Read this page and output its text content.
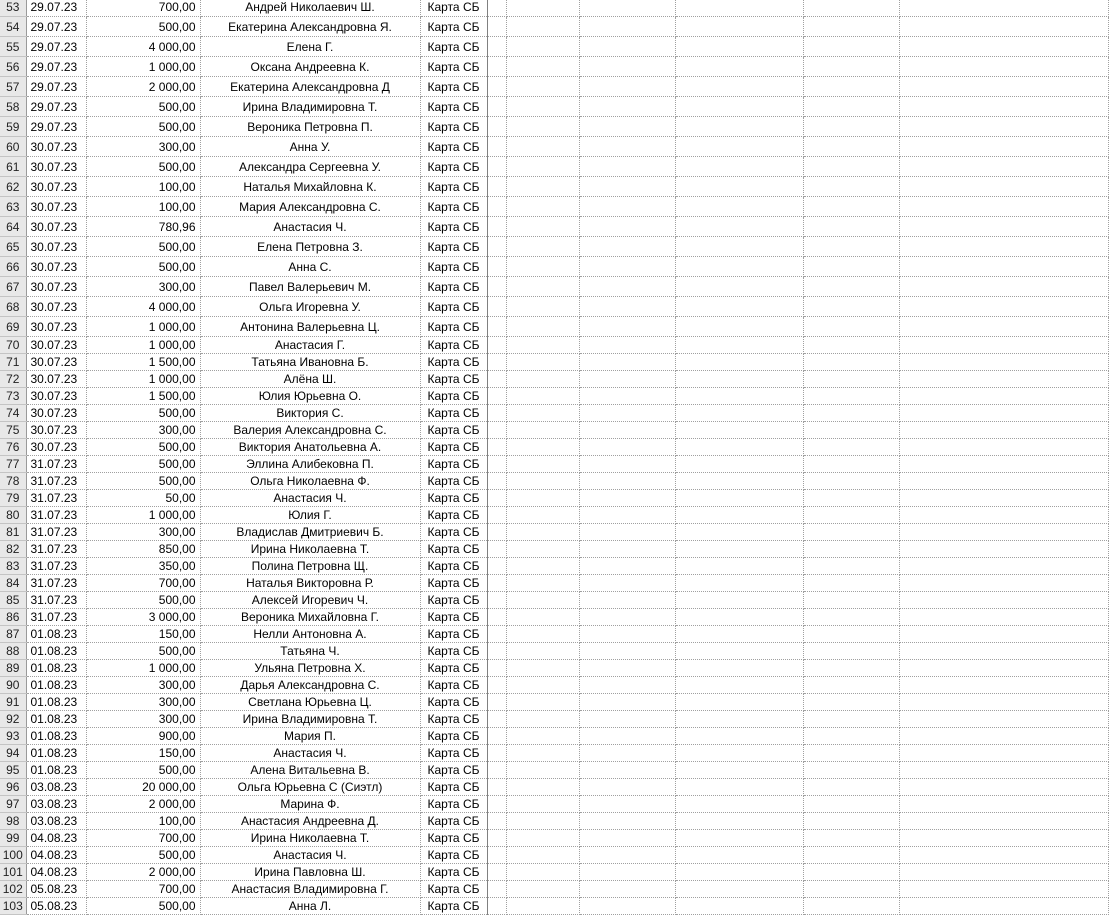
53	29.07.23	700,00	Андрей Николаевич Ш.	Карта СБ						
54	29.07.23	500,00	Екатерина Александровна Я.	Карта СБ						
55	29.07.23	4 000,00	Елена Г.	Карта СБ						
56	29.07.23	1 000,00	Оксана Андреевна К.	Карта СБ						
57	29.07.23	2 000,00	Екатерина Александровна Д	Карта СБ						
58	29.07.23	500,00	Ирина Владимировна Т.	Карта СБ						
59	29.07.23	500,00	Вероника Петровна П.	Карта СБ						
60	30.07.23	300,00	Анна У.	Карта СБ						
61	30.07.23	500,00	Александра Сергеевна У.	Карта СБ						
62	30.07.23	100,00	Наталья Михайловна К.	Карта СБ						
63	30.07.23	100,00	Мария Александровна С.	Карта СБ						
64	30.07.23	780,96	Анастасия Ч.	Карта СБ						
65	30.07.23	500,00	Елена Петровна З.	Карта СБ						
66	30.07.23	500,00	Анна С.	Карта СБ						
67	30.07.23	300,00	Павел Валерьевич М.	Карта СБ						
68	30.07.23	4 000,00	Ольга Игоревна У.	Карта СБ						
69	30.07.23	1 000,00	Антонина Валерьевна Ц.	Карта СБ						
70	30.07.23	1 000,00	Анастасия Г.	Карта СБ						
71	30.07.23	1 500,00	Татьяна Ивановна Б.	Карта СБ						
72	30.07.23	1 000,00	Алёна Ш.	Карта СБ						
73	30.07.23	1 500,00	Юлия Юрьевна О.	Карта СБ						
74	30.07.23	500,00	Виктория С.	Карта СБ						
75	30.07.23	300,00	Валерия Александровна С.	Карта СБ						
76	30.07.23	500,00	Виктория Анатольевна А.	Карта СБ						
77	31.07.23	500,00	Эллина Алибековна П.	Карта СБ						
78	31.07.23	500,00	Ольга Николаевна Ф.	Карта СБ						
79	31.07.23	50,00	Анастасия Ч.	Карта СБ						
80	31.07.23	1 000,00	Юлия Г.	Карта СБ						
81	31.07.23	300,00	Владислав Дмитриевич Б.	Карта СБ						
82	31.07.23	850,00	Ирина Николаевна Т.	Карта СБ						
83	31.07.23	350,00	Полина Петровна Щ.	Карта СБ						
84	31.07.23	700,00	Наталья Викторовна Р.	Карта СБ						
85	31.07.23	500,00	Алексей Игоревич Ч.	Карта СБ						
86	31.07.23	3 000,00	Вероника Михайловна Г.	Карта СБ						
87	01.08.23	150,00	Нелли Антоновна А.	Карта СБ						
88	01.08.23	500,00	Татьяна Ч.	Карта СБ						
89	01.08.23	1 000,00	Ульяна Петровна Х.	Карта СБ						
90	01.08.23	300,00	Дарья Александровна С.	Карта СБ						
91	01.08.23	300,00	Светлана Юрьевна Ц.	Карта СБ						
92	01.08.23	300,00	Ирина Владимировна Т.	Карта СБ						
93	01.08.23	900,00	Мария П.	Карта СБ						
94	01.08.23	150,00	Анастасия Ч.	Карта СБ						
95	01.08.23	500,00	Алена Витальевна В.	Карта СБ						
96	03.08.23	20 000,00	Ольга Юрьевна С (Сиэтл)	Карта СБ						
97	03.08.23	2 000,00	Марина Ф.	Карта СБ						
98	03.08.23	100,00	Анастасия Андреевна Д.	Карта СБ						
99	04.08.23	700,00	Ирина Николаевна Т.	Карта СБ						
100	04.08.23	500,00	Анастасия Ч.	Карта СБ						
101	04.08.23	2 000,00	Ирина Павловна Ш.	Карта СБ						
102	05.08.23	700,00	Анастасия Владимировна Г.	Карта СБ						
103	05.08.23	500,00	Анна Л.	Карта СБ						
